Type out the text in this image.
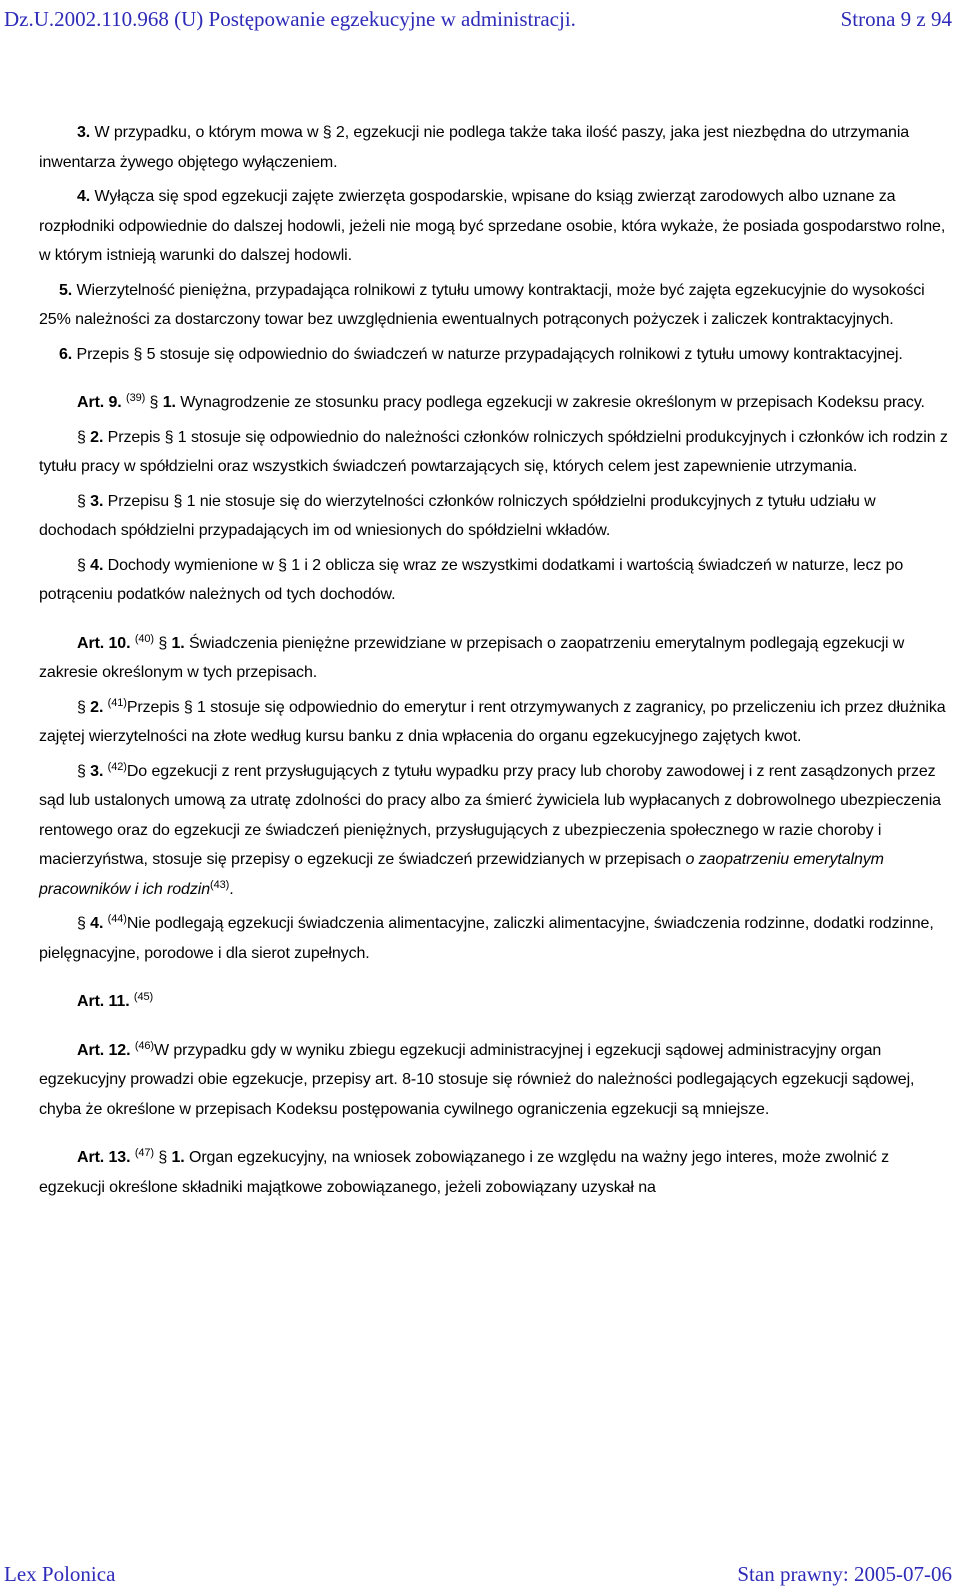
Dz.U.2002.110.968 (U) Postępowanie egzekucyjne w administracji.	Strona 9 z 94

3. W przypadku, o którym mowa w § 2, egzekucji nie podlega także taka ilość paszy, jaka jest niezbędna do utrzymania inwentarza żywego objętego wyłączeniem.

4. Wyłącza się spod egzekucji zajęte zwierzęta gospodarskie, wpisane do ksiąg zwierząt zarodowych albo uznane za rozpłodniki odpowiednie do dalszej hodowli, jeżeli nie mogą być sprzedane osobie, która wykaże, że posiada gospodarstwo rolne, w którym istnieją warunki do dalszej hodowli.

5. Wierzytelność pieniężna, przypadająca rolnikowi z tytułu umowy kontraktacji, może być zajęta egzekucyjnie do wysokości 25% należności za dostarczony towar bez uwzględnienia ewentualnych potrąconych pożyczek i zaliczek kontraktacyjnych.

6. Przepis § 5 stosuje się odpowiednio do świadczeń w naturze przypadających rolnikowi z tytułu umowy kontraktacyjnej.

Art. 9. $^{(39)}$ § 1. Wynagrodzenie ze stosunku pracy podlega egzekucji w zakresie określonym w przepisach Kodeksu pracy.

§ 2. Przepis § 1 stosuje się odpowiednio do należności członków rolniczych spółdzielni produkcyjnych i członków ich rodzin z tytułu pracy w spółdzielni oraz wszystkich świadczeń powtarzających się, których celem jest zapewnienie utrzymania.

§ 3. Przepisu § 1 nie stosuje się do wierzytelności członków rolniczych spółdzielni produkcyjnych z tytułu udziału w dochodach spółdzielni przypadających im od wniesionych do spółdzielni wkładów.

§ 4. Dochody wymienione w § 1 i 2 oblicza się wraz ze wszystkimi dodatkami i wartością świadczeń w naturze, lecz po potrąceniu podatków należnych od tych dochodów.

Art. 10. $^{(40)}$ § 1. Świadczenia pieniężne przewidziane w przepisach o zaopatrzeniu emerytalnym podlegają egzekucji w zakresie określonym w tych przepisach.

§ 2. $^{(41)}$Przepis § 1 stosuje się odpowiednio do emerytur i rent otrzymywanych z zagranicy, po przeliczeniu ich przez dłużnika zajętej wierzytelności na złote według kursu banku z dnia wpłacenia do organu egzekucyjnego zajętych kwot.

§ 3. $^{(42)}$Do egzekucji z rent przysługujących z tytułu wypadku przy pracy lub choroby zawodowej i z rent zasądzonych przez sąd lub ustalonych umową za utratę zdolności do pracy albo za śmierć żywiciela lub wypłacanych z dobrowolnego ubezpieczenia rentowego oraz do egzekucji ze świadczeń pieniężnych, przysługujących z ubezpieczenia społecznego w razie choroby i macierzyństwa, stosuje się przepisy o egzekucji ze świadczeń przewidzianych w przepisach o zaopatrzeniu emerytalnym pracowników i ich rodzin$^{(43)}$.

§ 4. $^{(44)}$Nie podlegają egzekucji świadczenia alimentacyjne, zaliczki alimentacyjne, świadczenia rodzinne, dodatki rodzinne, pielęgnacyjne, porodowe i dla sierot zupełnych.

Art. 11. $^{(45)}$

Art. 12. $^{(46)}$W przypadku gdy w wyniku zbiegu egzekucji administracyjnej i egzekucji sądowej administracyjny organ egzekucyjny prowadzi obie egzekucje, przepisy art. 8-10 stosuje się również do należności podlegających egzekucji sądowej, chyba że określone w przepisach Kodeksu postępowania cywilnego ograniczenia egzekucji są mniejsze.

Art. 13. $^{(47)}$ § 1. Organ egzekucyjny, na wniosek zobowiązanego i ze względu na ważny jego interes, może zwolnić z egzekucji określone składniki majątkowe zobowiązanego, jeżeli zobowiązany uzyskał na

Lex Polonica	Stan prawny: 2005-07-06
